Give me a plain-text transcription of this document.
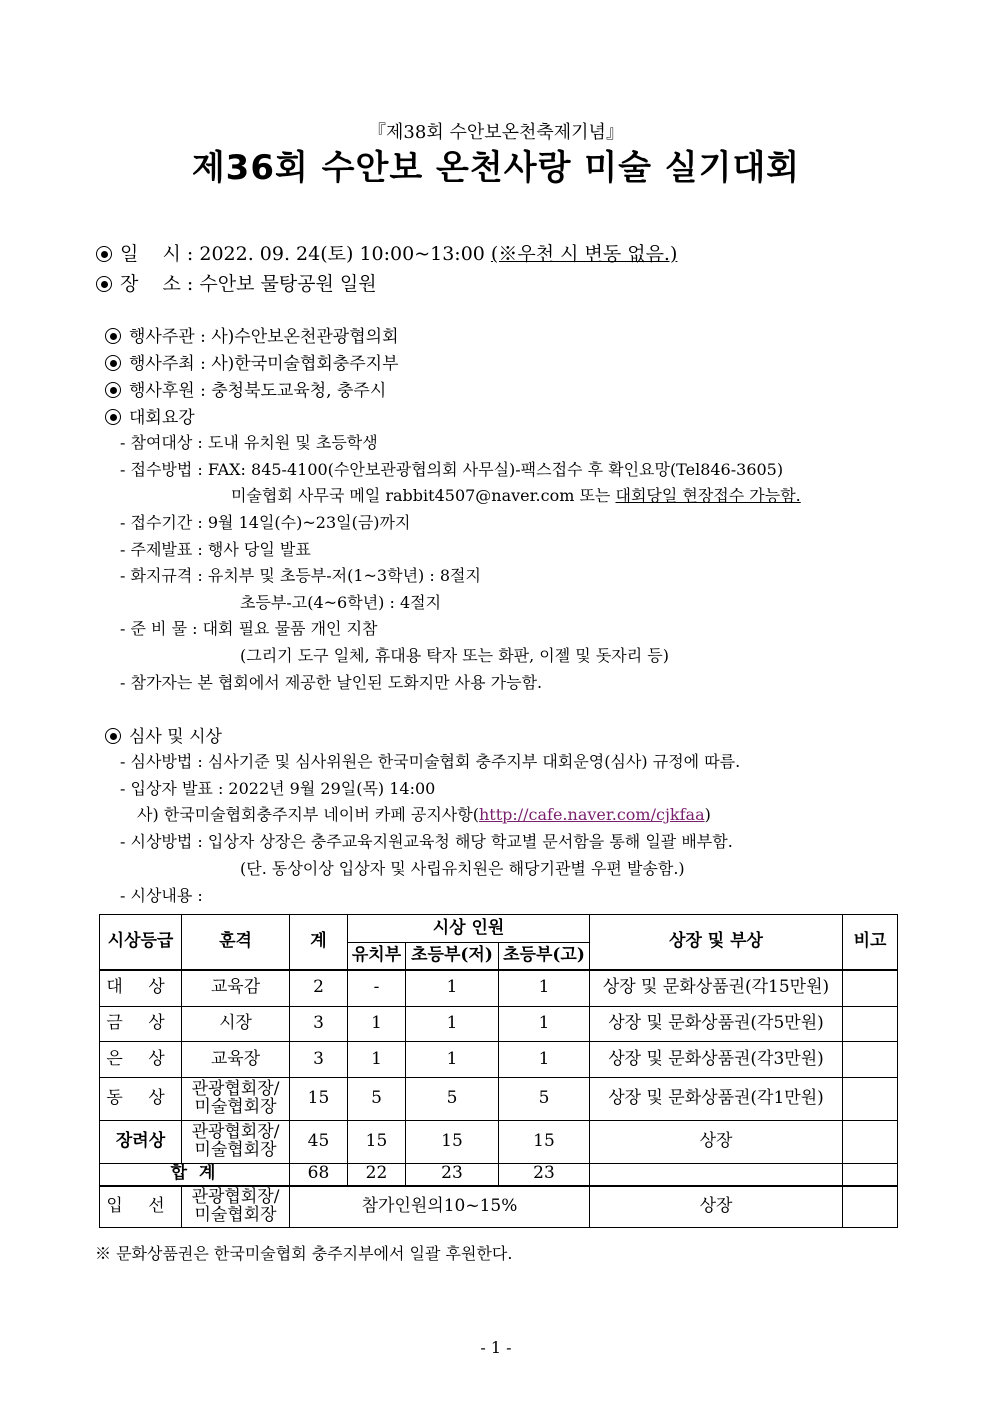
『제38회 수안보온천축제기념』
제36회 수안보 온천사랑 미술 실기대회
일    시 : 2022. 09. 24(토) 10:00~13:00 (※우천 시 변동 없음.)
장    소 : 수안보 물탕공원 일원
행사주관 : 사)수안보온천관광협의회
행사주최 : 사)한국미술협회충주지부
행사후원 : 충청북도교육청, 충주시
대회요강
- 참여대상 : 도내 유치원 및 초등학생
- 접수방법 : FAX: 845-4100(수안보관광협의회 사무실)-팩스접수 후 확인요망(Tel846-3605)
미술협회 사무국 메일 rabbit4507@naver.com 또는 대회당일 현장접수 가능함.
- 접수기간 : 9월 14일(수)~23일(금)까지
- 주제발표 : 행사 당일 발표
- 화지규격 : 유치부 및 초등부-저(1~3학년) : 8절지
초등부-고(4~6학년) : 4절지
- 준 비 물 : 대회 필요 물품 개인 지참
(그리기 도구 일체, 휴대용 탁자 또는 화판, 이젤 및 돗자리 등)
- 참가자는 본 협회에서 제공한 날인된 도화지만 사용 가능함.
심사 및 시상
- 심사방법 : 심사기준 및 심사위원은 한국미술협회 충주지부 대회운영(심사) 규정에 따름.
- 입상자 발표 : 2022년 9월 29일(목) 14:00
사) 한국미술협회충주지부 네이버 카페 공지사항(http://cafe.naver.com/cjkfaa)
- 시상방법 : 입상자 상장은 충주교육지원교육청 해당 학교별 문서함을 통해 일괄 배부함.
(단. 동상이상 입상자 및 사립유치원은 해당기관별 우편 발송함.)
- 시상내용 :
시상등급	훈격	계	시상 인원			상장 및 부상	비고
			유치부	초등부(저)	초등부(고)		
대 상	교육감	2	-	1	1	상장 및 문화상품권(각15만원)	
금 상	시장	3	1	1	1	상장 및 문화상품권(각5만원)	
은 상	교육장	3	1	1	1	상장 및 문화상품권(각3만원)	
동 상	관광협회장/
미술협회장	15	5	5	5	상장 및 문화상품권(각1만원)	
장려상	관광협회장/
미술협회장	45	15	15	15	상장	
합 계		68	22	23	23		
입 선	관광협회장/
미술협회장	참가인원의10~15%				상장	
※ 문화상품권은 한국미술협회 충주지부에서 일괄 후원한다.
- 1 -
